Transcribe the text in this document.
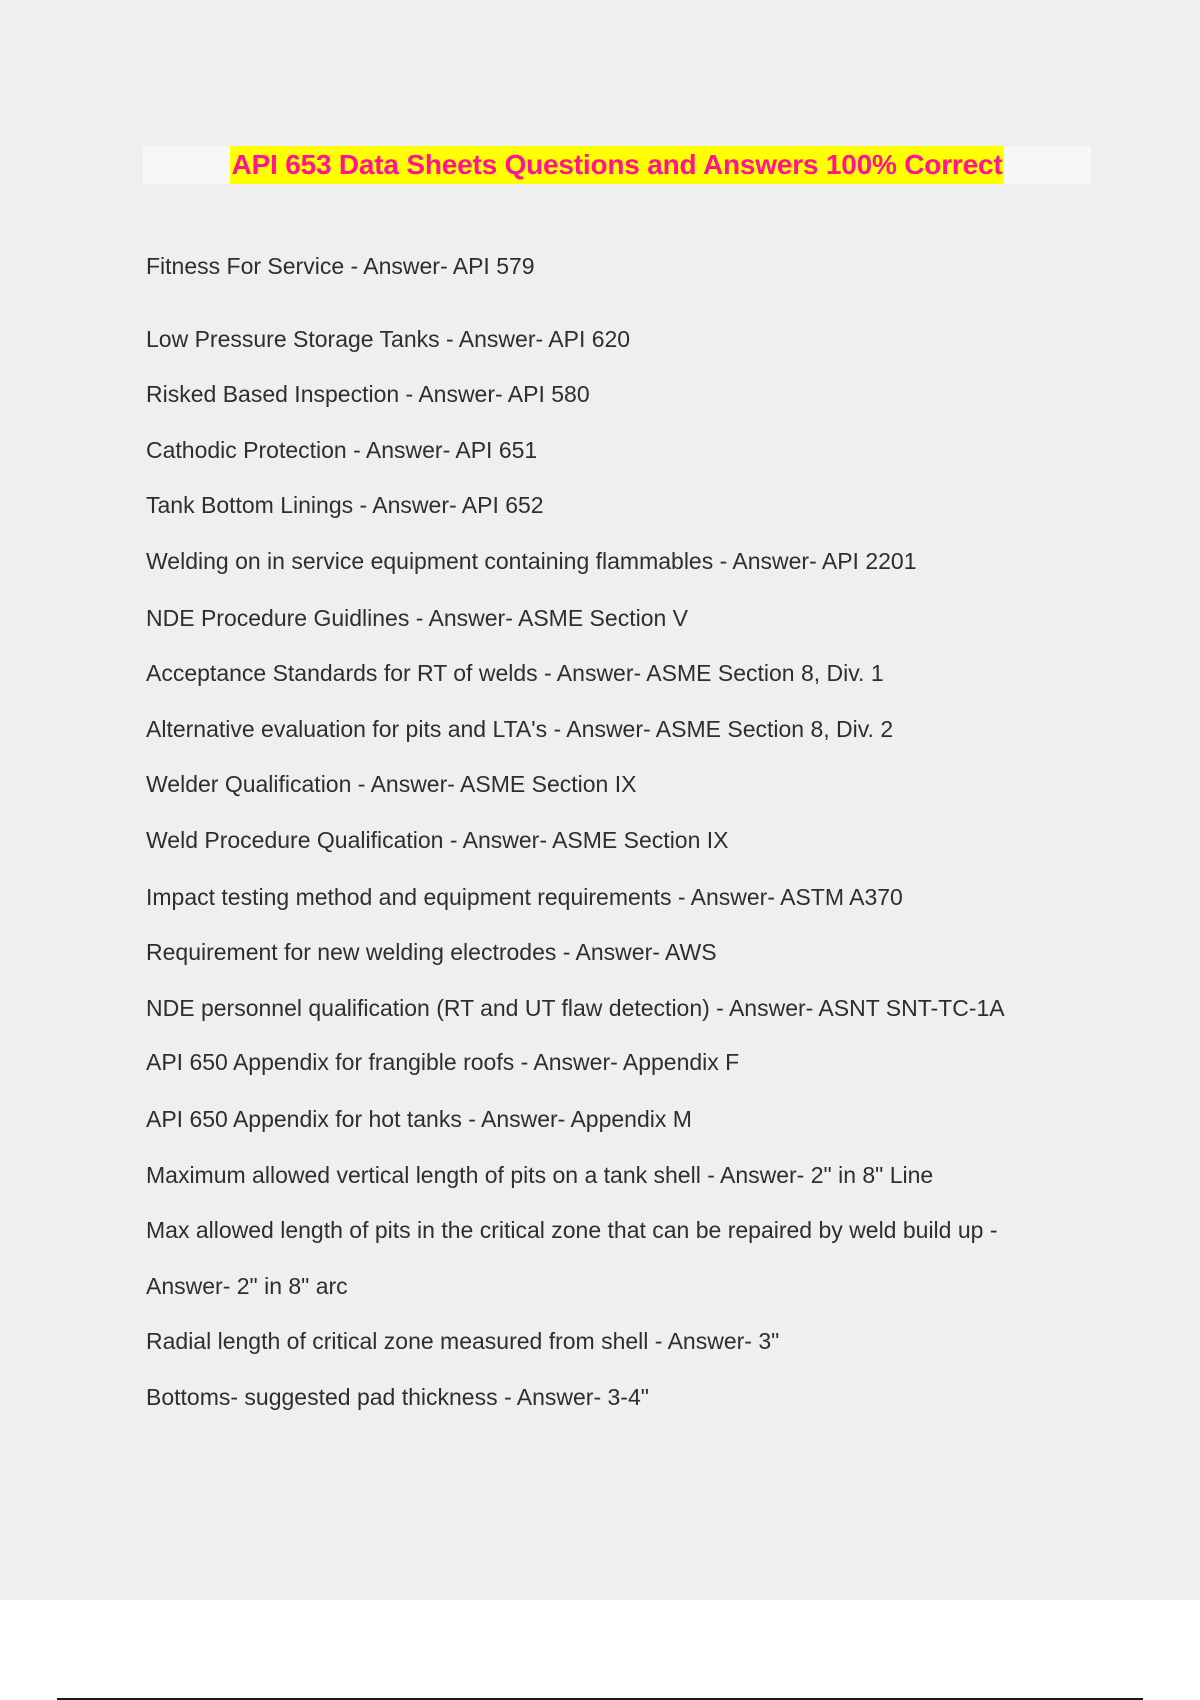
API 653 Data Sheets Questions and Answers 100% Correct
Fitness For Service - Answer- API 579
Low Pressure Storage Tanks - Answer- API 620
Risked Based Inspection - Answer- API 580
Cathodic Protection - Answer- API 651
Tank Bottom Linings - Answer- API 652
Welding on in service equipment containing flammables - Answer- API 2201
NDE Procedure Guidlines - Answer- ASME Section V
Acceptance Standards for RT of welds - Answer- ASME Section 8, Div. 1
Alternative evaluation for pits and LTA's - Answer- ASME Section 8, Div. 2
Welder Qualification - Answer- ASME Section IX
Weld Procedure Qualification - Answer- ASME Section IX
Impact testing method and equipment requirements - Answer- ASTM A370
Requirement for new welding electrodes - Answer- AWS
NDE personnel qualification (RT and UT flaw detection) - Answer- ASNT SNT-TC-1A
API 650 Appendix for frangible roofs - Answer- Appendix F
API 650 Appendix for hot tanks - Answer- Appendix M
Maximum allowed vertical length of pits on a tank shell - Answer- 2" in 8" Line
Max allowed length of pits in the critical zone that can be repaired by weld build up -
Answer- 2" in 8" arc
Radial length of critical zone measured from shell - Answer- 3"
Bottoms- suggested pad thickness - Answer- 3-4"
